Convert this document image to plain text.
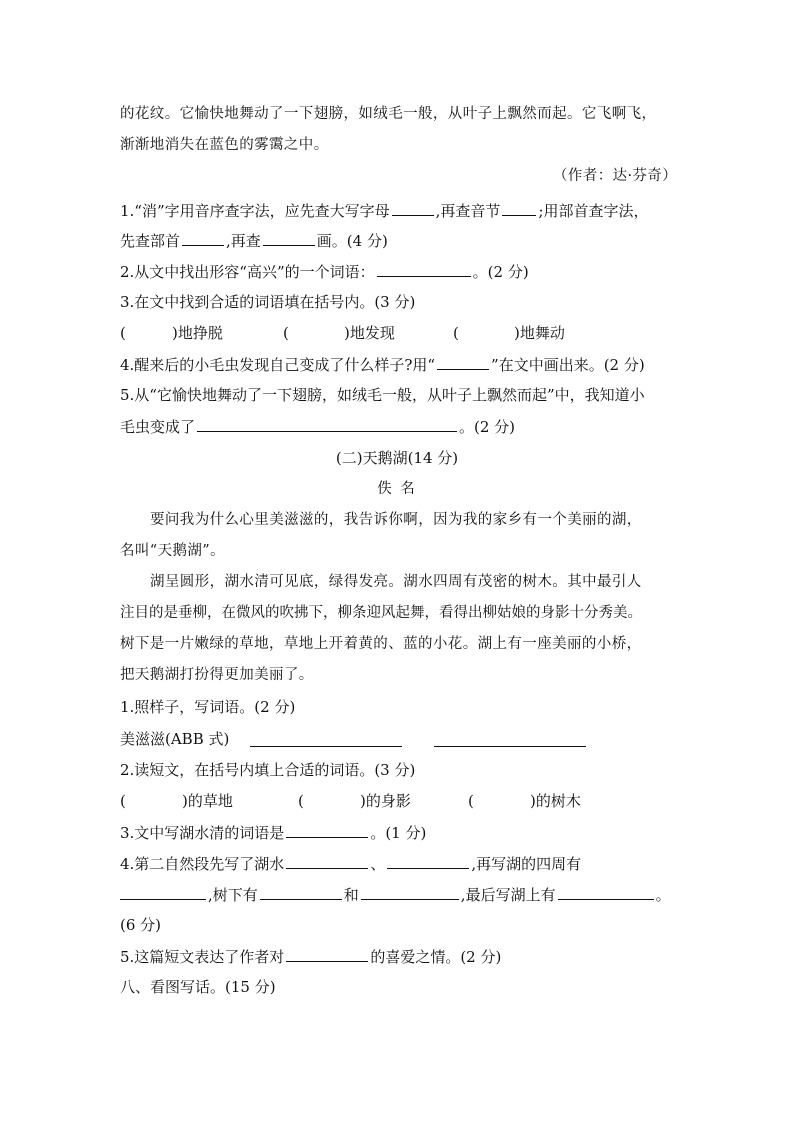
的花纹。它愉快地舞动了一下翅膀，如绒毛一般，从叶子上飘然而起。它飞啊飞，
渐渐地消失在蓝色的雾霭之中。
（作者：达·芬奇）
1.“消”字用音序查字法，应先查大写字母	,再查音节	;用部首查字法，
先查部首	,再查	画。(4 分)
2.从文中找出形容“高兴”的一个词语：	。(2 分)
3.在文中找到合适的词语填在括号内。(3 分)
(	)地挣脱	(	)地发现	(	)地舞动
4.醒来后的小毛虫发现自己变成了什么样子?用“	”在文中画出来。(2 分)
5.从“它愉快地舞动了一下翅膀，如绒毛一般，从叶子上飘然而起”中，我知道小
毛虫变成了	。(2 分)
(二)天鹅湖(14 分)
佚 名
要问我为什么心里美滋滋的，我告诉你啊，因为我的家乡有一个美丽的湖，
名叫“天鹅湖”。
湖呈圆形，湖水清可见底，绿得发亮。湖水四周有茂密的树木。其中最引人
注目的是垂柳，在微风的吹拂下，柳条迎风起舞，看得出柳姑娘的身影十分秀美。
树下是一片嫩绿的草地，草地上开着黄的、蓝的小花。湖上有一座美丽的小桥，
把天鹅湖打扮得更加美丽了。
1.照样子，写词语。(2 分)
美滋滋(ABB 式)
2.读短文，在括号内填上合适的词语。(3 分)
(	)的草地	(	)的身影	(	)的树木
3.文中写湖水清的词语是	。(1 分)
4.第二自然段先写了湖水	、	,再写湖的四周有
,树下有	和	,最后写湖上有	。
(6 分)
5.这篇短文表达了作者对	的喜爱之情。(2 分)
八、看图写话。(15 分)
